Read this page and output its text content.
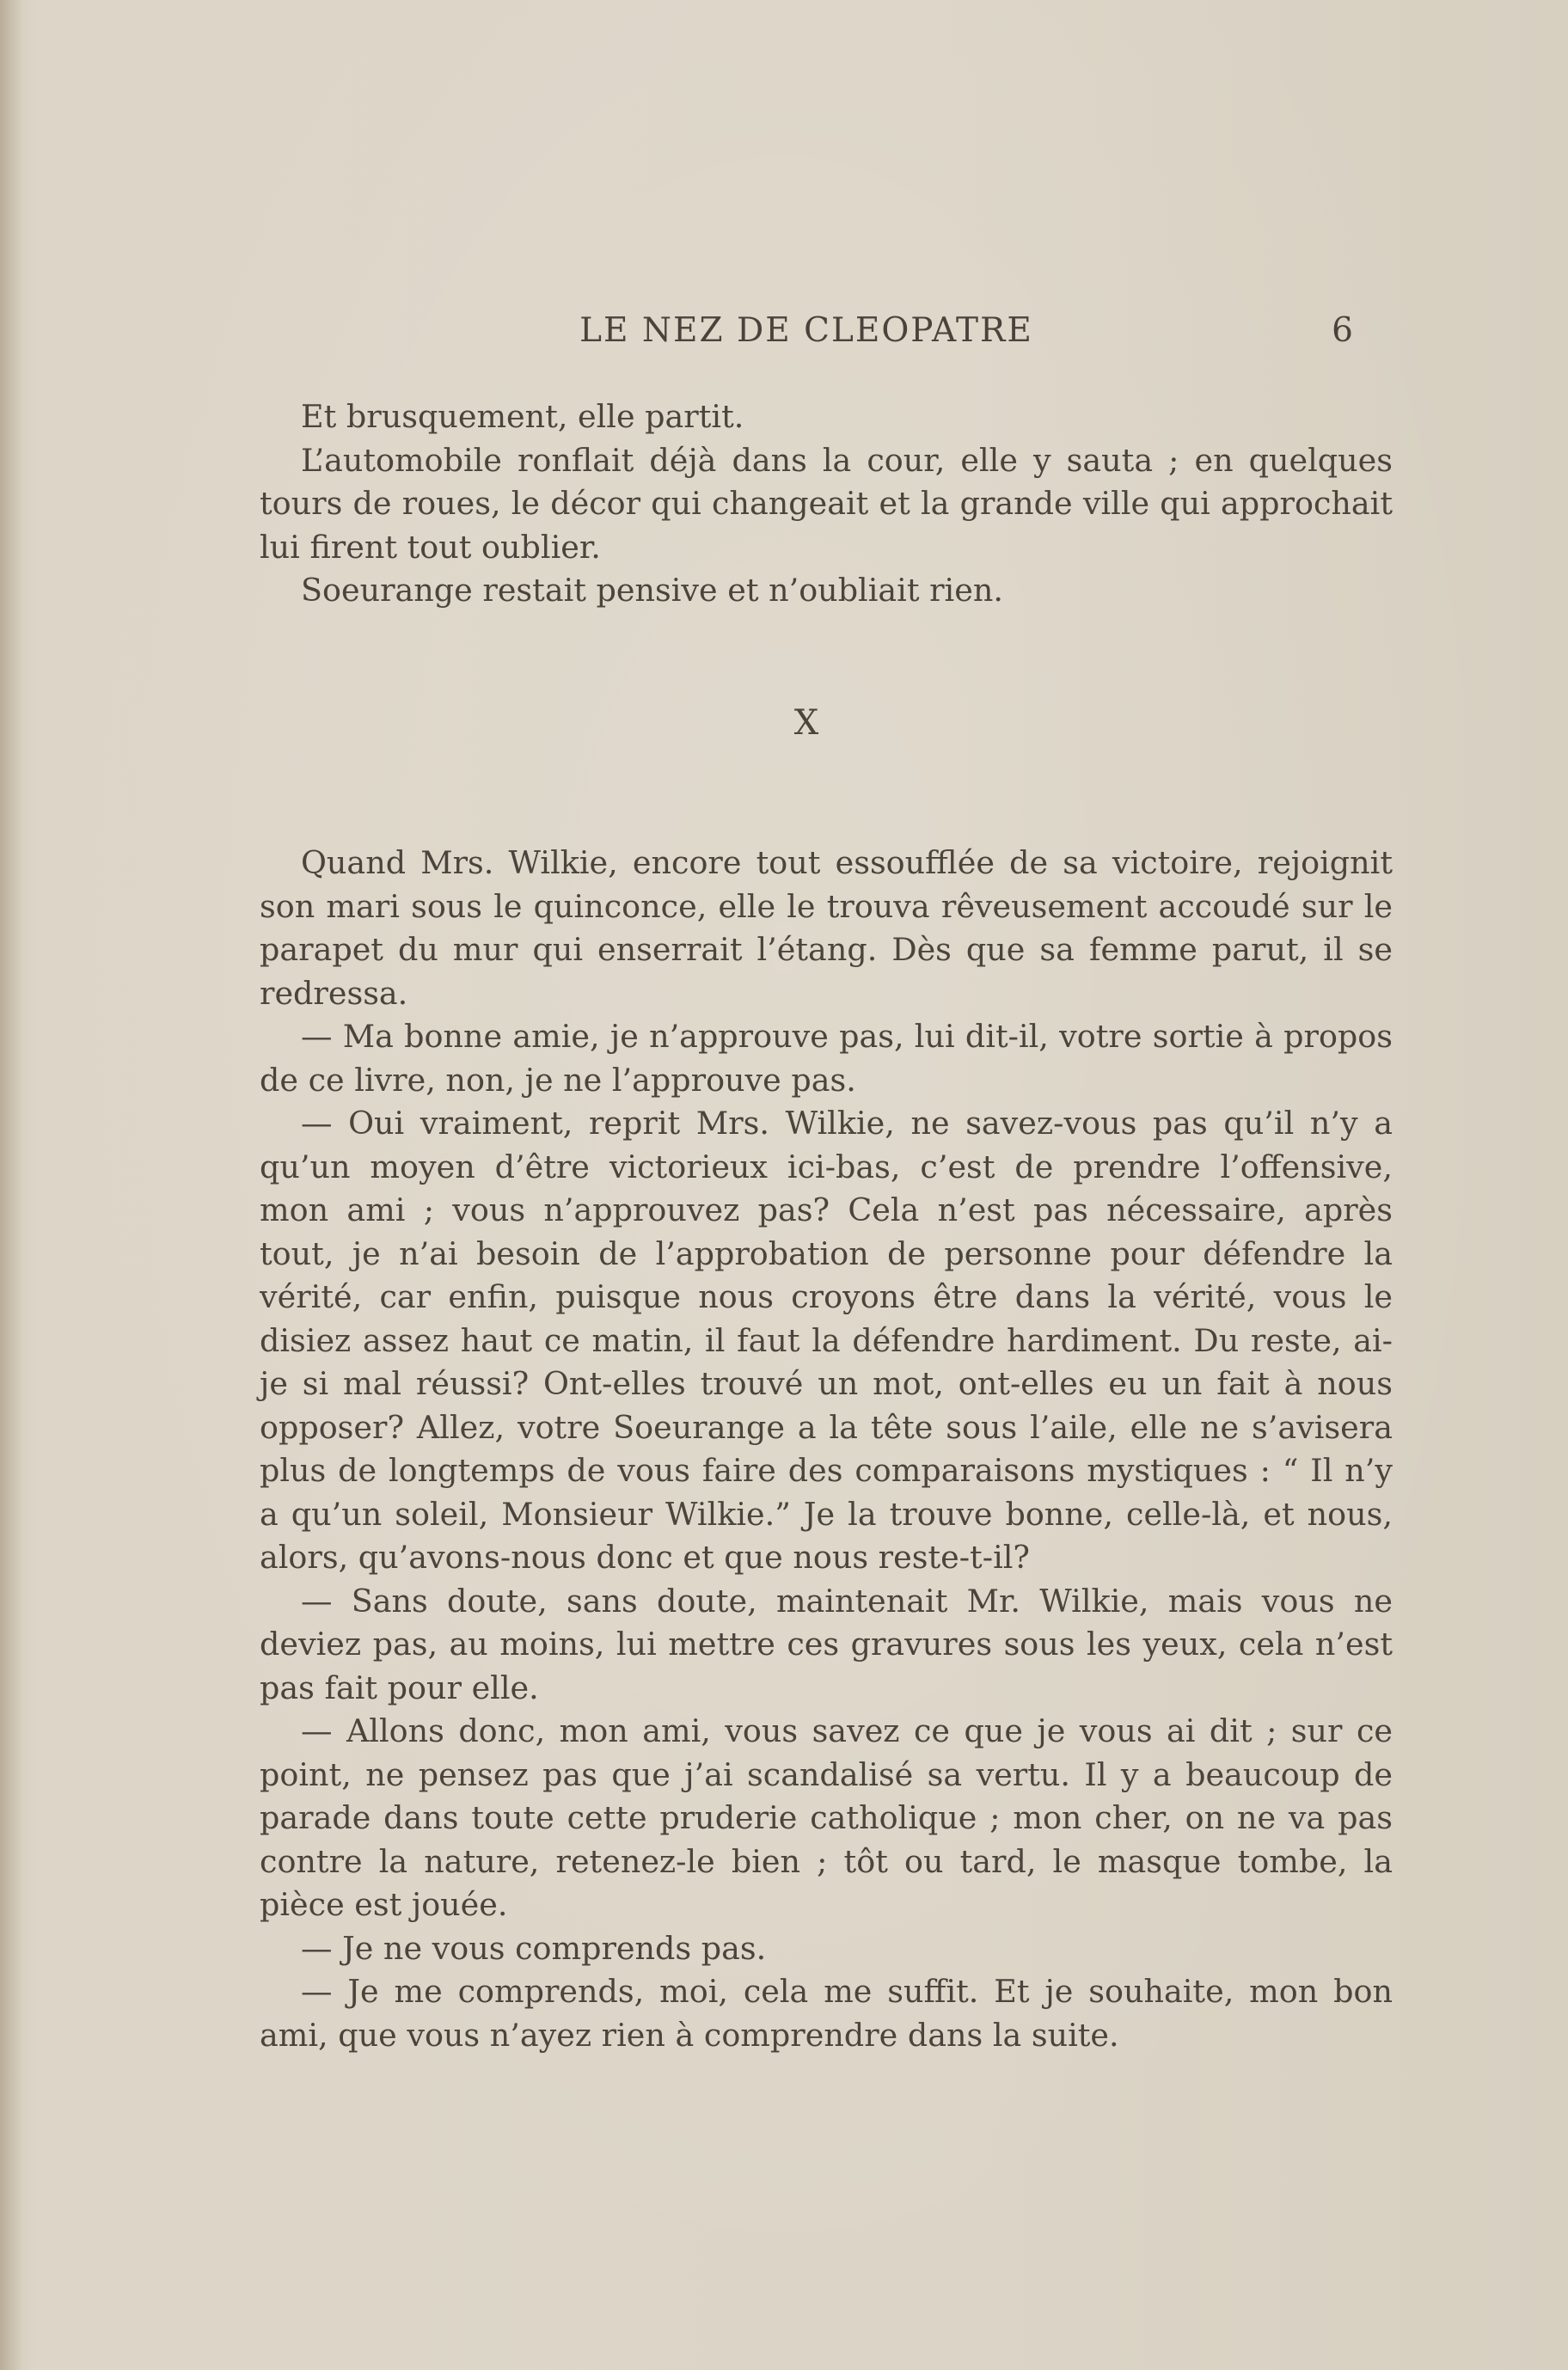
LE NEZ DE CLEOPATRE	6

Et brusquement, elle partit.

L’automobile ronflait déjà dans la cour, elle y sauta ; en quelques tours de roues, le décor qui changeait et la grande ville qui approchait lui firent tout oublier.

Soeurange restait pensive et n’oubliait rien.

X

Quand Mrs. Wilkie, encore tout essoufflée de sa victoire, rejoignit son mari sous le quinconce, elle le trouva rêveusement accoudé sur le parapet du mur qui enserrait l’étang. Dès que sa femme parut, il se redressa.

— Ma bonne amie, je n’approuve pas, lui dit-il, votre sortie à propos de ce livre, non, je ne l’approuve pas.

— Oui vraiment, reprit Mrs. Wilkie, ne savez-vous pas qu’il n’y a qu’un moyen d’être victorieux ici-bas, c’est de prendre l’offensive, mon ami ; vous n’approuvez pas? Cela n’est pas nécessaire, après tout, je n’ai besoin de l’approbation de personne pour défendre la vérité, car enfin, puisque nous croyons être dans la vérité, vous le disiez assez haut ce matin, il faut la défendre hardiment. Du reste, ai-je si mal réussi? Ont-elles trouvé un mot, ont-elles eu un fait à nous opposer? Allez, votre Soeurange a la tête sous l’aile, elle ne s’avisera plus de longtemps de vous faire des comparaisons mystiques : “ Il n’y a qu’un soleil, Monsieur Wilkie.” Je la trouve bonne, celle-là, et nous, alors, qu’avons-nous donc et que nous reste-t-il?

— Sans doute, sans doute, maintenait Mr. Wilkie, mais vous ne deviez pas, au moins, lui mettre ces gravures sous les yeux, cela n’est pas fait pour elle.

— Allons donc, mon ami, vous savez ce que je vous ai dit ; sur ce point, ne pensez pas que j’ai scandalisé sa vertu. Il y a beaucoup de parade dans toute cette pruderie catholique ; mon cher, on ne va pas contre la nature, retenez-le bien ; tôt ou tard, le masque tombe, la pièce est jouée.

— Je ne vous comprends pas.

— Je me comprends, moi, cela me suffit. Et je souhaite, mon bon ami, que vous n’ayez rien à comprendre dans la suite.
